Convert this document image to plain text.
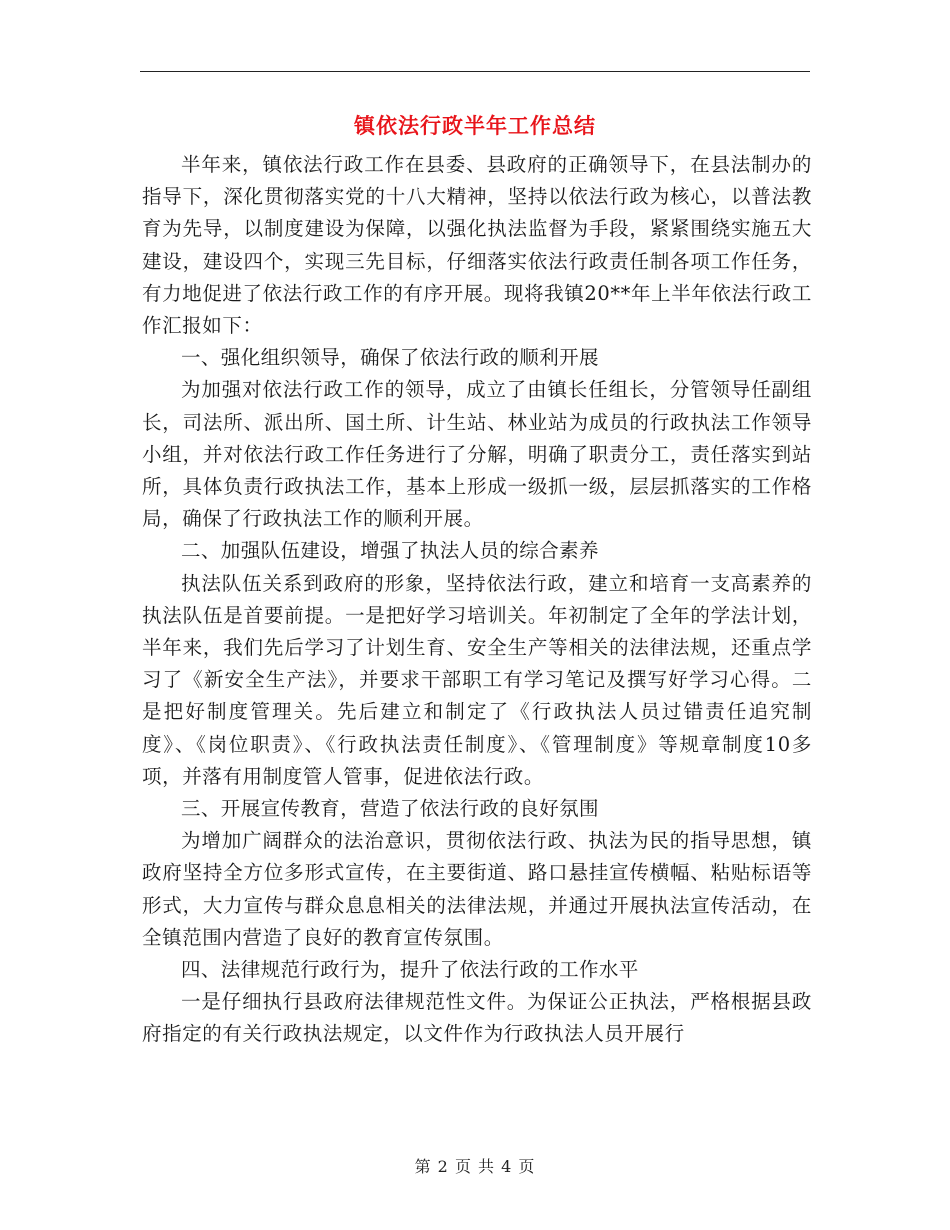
镇依法行政半年工作总结

半年来，镇依法行政工作在县委、县政府的正确领导下，在县法制办的指导下，深化贯彻落实党的十八大精神，坚持以依法行政为核心，以普法教育为先导，以制度建设为保障，以强化执法监督为手段，紧紧围绕实施五大建设，建设四个，实现三先目标，仔细落实依法行政责任制各项工作任务，有力地促进了依法行政工作的有序开展。现将我镇20**年上半年依法行政工作汇报如下：

一、强化组织领导，确保了依法行政的顺利开展

为加强对依法行政工作的领导，成立了由镇长任组长，分管领导任副组长，司法所、派出所、国土所、计生站、林业站为成员的行政执法工作领导小组，并对依法行政工作任务进行了分解，明确了职责分工，责任落实到站所，具体负责行政执法工作，基本上形成一级抓一级，层层抓落实的工作格局，确保了行政执法工作的顺利开展。

二、加强队伍建设，增强了执法人员的综合素养

执法队伍关系到政府的形象，坚持依法行政，建立和培育一支高素养的执法队伍是首要前提。一是把好学习培训关。年初制定了全年的学法计划，半年来，我们先后学习了计划生育、安全生产等相关的法律法规，还重点学习了《新安全生产法》，并要求干部职工有学习笔记及撰写好学习心得。二是把好制度管理关。先后建立和制定了《行政执法人员过错责任追究制度》、《岗位职责》、《行政执法责任制度》、《管理制度》等规章制度10多项，并落有用制度管人管事，促进依法行政。

三、开展宣传教育，营造了依法行政的良好氛围

为增加广阔群众的法治意识，贯彻依法行政、执法为民的指导思想，镇政府坚持全方位多形式宣传，在主要街道、路口悬挂宣传横幅、粘贴标语等形式，大力宣传与群众息息相关的法律法规，并通过开展执法宣传活动，在全镇范围内营造了良好的教育宣传氛围。

四、法律规范行政行为，提升了依法行政的工作水平

一是仔细执行县政府法律规范性文件。为保证公正执法，严格根据县政府指定的有关行政执法规定，以文件作为行政执法人员开展行

第 2 页 共 4 页
